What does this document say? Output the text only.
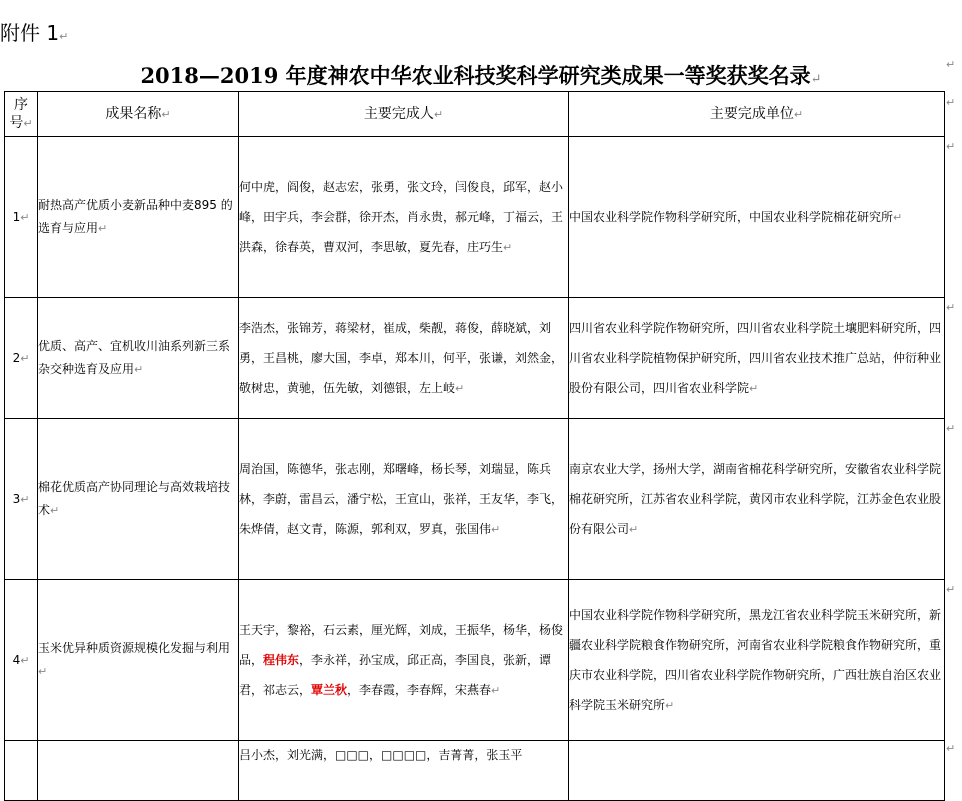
附件 1↵
2018—2019 年度神农中华农业科技奖科学研究类成果一等奖获奖名录↵
序
号↵	成果名称↵	主要完成人↵	主要完成单位↵
1↵	耐热高产优质小麦新品种中麦895 的选育与应用↵	何中虎，阎俊，赵志宏，张勇，张文玲，闫俊良，邱军，赵小峰，田宇兵，李会群，徐开杰，肖永贵，郝元峰，丁福云，王洪森，徐春英，曹双河，李思敏，夏先春，庄巧生↵	中国农业科学院作物科学研究所，中国农业科学院棉花研究所↵
2↵	优质、高产、宜机收川油系列新三系杂交种选育及应用↵	李浩杰，张锦芳，蒋梁材，崔成，柴靓，蒋俊，薛晓斌，刘勇，王昌桃，廖大国，李卓，郑本川，何平，张谦，刘然金，敬树忠，黄驰，伍先敏，刘德银，左上岐↵	四川省农业科学院作物研究所，四川省农业科学院土壤肥料研究所，四川省农业科学院植物保护研究所，四川省农业技术推广总站，仲衍种业股份有限公司，四川省农业科学院↵
3↵	棉花优质高产协同理论与高效栽培技术↵	周治国，陈德华，张志刚，郑曙峰，杨长琴，刘瑞显，陈兵林，李蔚，雷昌云，潘宁松，王宣山，张祥，王友华，李飞，朱烨倩，赵文青，陈源，郭利双，罗真，张国伟↵	南京农业大学，扬州大学，湖南省棉花科学研究所，安徽省农业科学院棉花研究所，江苏省农业科学院，黄冈市农业科学院，江苏金色农业股份有限公司↵
4↵	玉米优异种质资源规模化发掘与利用↵	王天宇，黎裕，石云素，厘光辉，刘成，王振华，杨华，杨俊品，程伟东，李永祥，孙宝成，邱正高，李国良，张新，谭君，祁志云，覃兰秋，李春霞，李春辉，宋燕春↵	中国农业科学院作物科学研究所，黑龙江省农业科学院玉米研究所，新疆农业科学院粮食作物研究所，河南省农业科学院粮食作物研究所，重庆市农业科学院，四川省农业科学院作物研究所，广西壮族自治区农业科学院玉米研究所↵
		吕小杰，刘光满，□□□，□□□□，吉菁菁，张玉平	
↵
↵
↵
↵
↵
↵
↵
